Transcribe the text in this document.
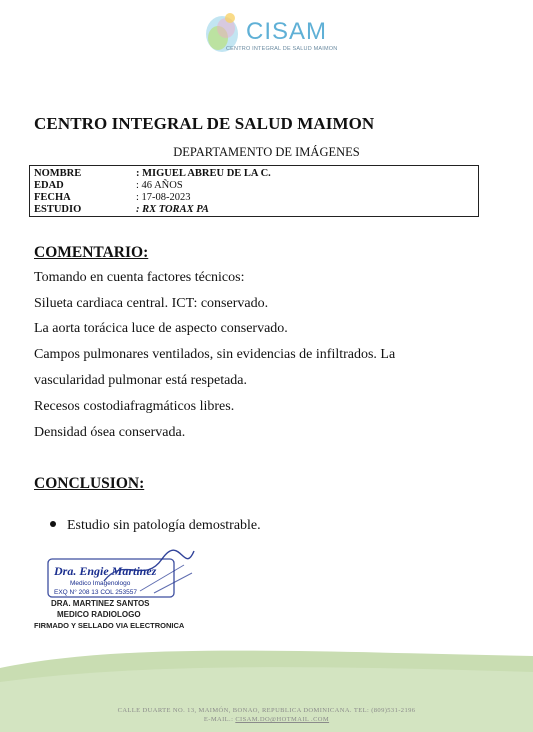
CISAM
CENTRO INTEGRAL DE SALUD MAIMON
CENTRO INTEGRAL DE SALUD MAIMON
DEPARTAMENTO DE IMÁGENES
NOMBRE	: MIGUEL ABREU DE LA C.
EDAD	: 46 AÑOS
FECHA	: 17-08-2023
ESTUDIO	: RX TORAX PA
COMENTARIO:
Tomando en cuenta factores técnicos:
Silueta cardiaca central. ICT: conservado.
La aorta torácica luce de aspecto conservado.
Campos pulmonares ventilados, sin evidencias de infiltrados. La
vascularidad pulmonar está respetada.
Recesos costodiafragmáticos libres.
Densidad ósea conservada.
CONCLUSION:
Estudio sin patología demostrable.
Dra. Engie Martinez
Medico Imagenologo
EXQ N° 208 13 COL 253557
DRA. MARTINEZ SANTOS
MEDICO RADIOLOGO
FIRMADO Y SELLADO VIA ELECTRONICA
CALLE DUARTE NO. 13, MAIMÓN, BONAO, REPUBLICA DOMINICANA. TEL: (809)531-2196
E-MAIL.: CISAM.DO@HOTMAIL .COM
